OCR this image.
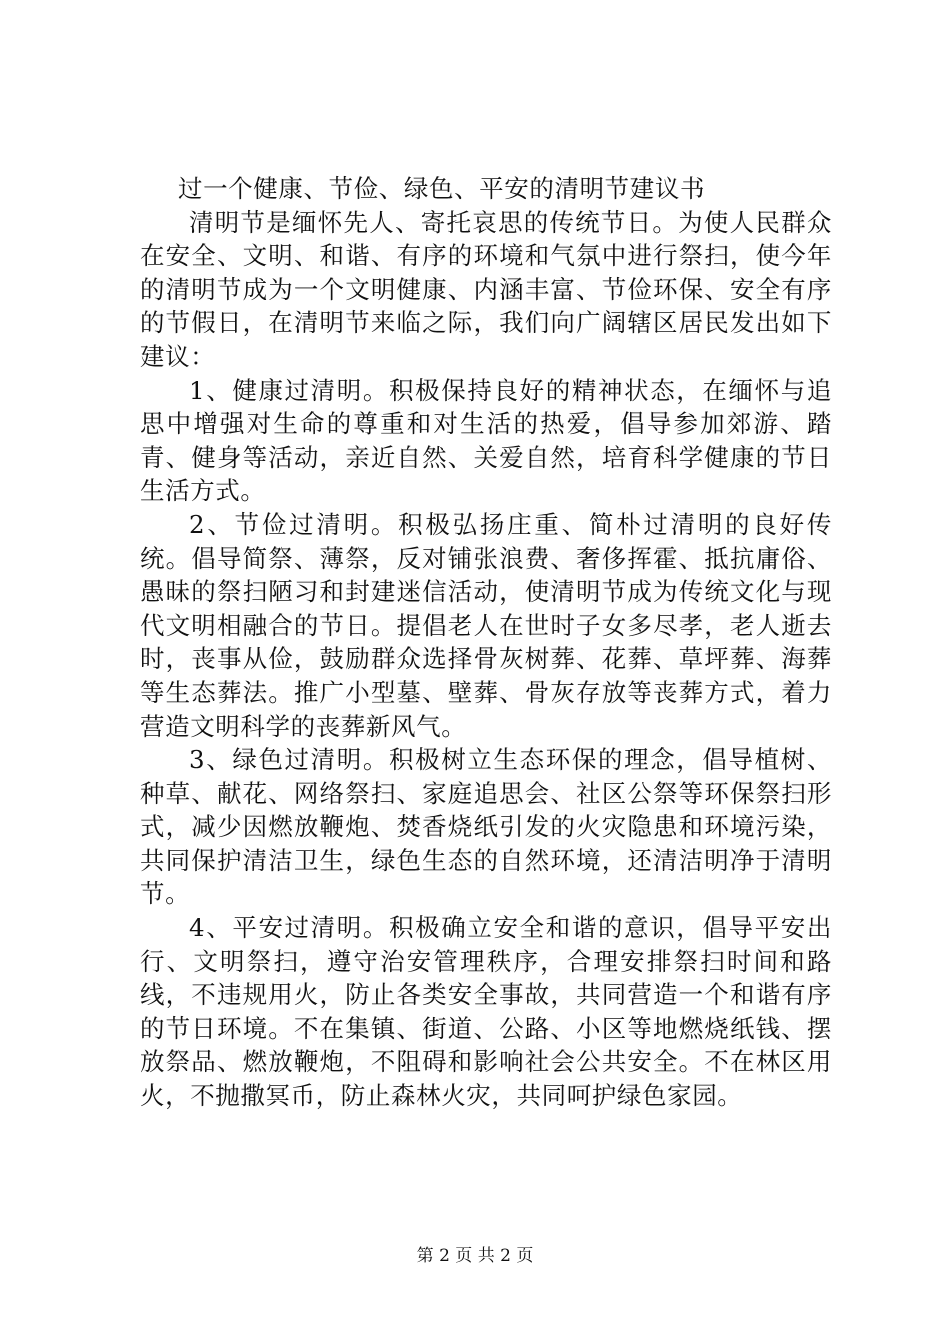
过一个健康、节俭、绿色、平安的清明节建议书

清明节是缅怀先人、寄托哀思的传统节日。为使人民群众在安全、文明、和谐、有序的环境和气氛中进行祭扫，使今年的清明节成为一个文明健康、内涵丰富、节俭环保、安全有序的节假日，在清明节来临之际，我们向广阔辖区居民发出如下建议：

1、健康过清明。积极保持良好的精神状态，在缅怀与追思中增强对生命的尊重和对生活的热爱，倡导参加郊游、踏青、健身等活动，亲近自然、关爱自然，培育科学健康的节日生活方式。

2、节俭过清明。积极弘扬庄重、简朴过清明的良好传统。倡导简祭、薄祭，反对铺张浪费、奢侈挥霍、抵抗庸俗、愚昧的祭扫陋习和封建迷信活动，使清明节成为传统文化与现代文明相融合的节日。提倡老人在世时子女多尽孝，老人逝去时，丧事从俭，鼓励群众选择骨灰树葬、花葬、草坪葬、海葬等生态葬法。推广小型墓、壁葬、骨灰存放等丧葬方式，着力营造文明科学的丧葬新风气。

3、绿色过清明。积极树立生态环保的理念，倡导植树、种草、献花、网络祭扫、家庭追思会、社区公祭等环保祭扫形式，减少因燃放鞭炮、焚香烧纸引发的火灾隐患和环境污染，共同保护清洁卫生，绿色生态的自然环境，还清洁明净于清明节。

4、平安过清明。积极确立安全和谐的意识，倡导平安出行、文明祭扫，遵守治安管理秩序，合理安排祭扫时间和路线，不违规用火，防止各类安全事故，共同营造一个和谐有序的节日环境。不在集镇、街道、公路、小区等地燃烧纸钱、摆放祭品、燃放鞭炮，不阻碍和影响社会公共安全。不在林区用火，不抛撒冥币，防止森林火灾，共同呵护绿色家园。

第 2 页 共 2 页
